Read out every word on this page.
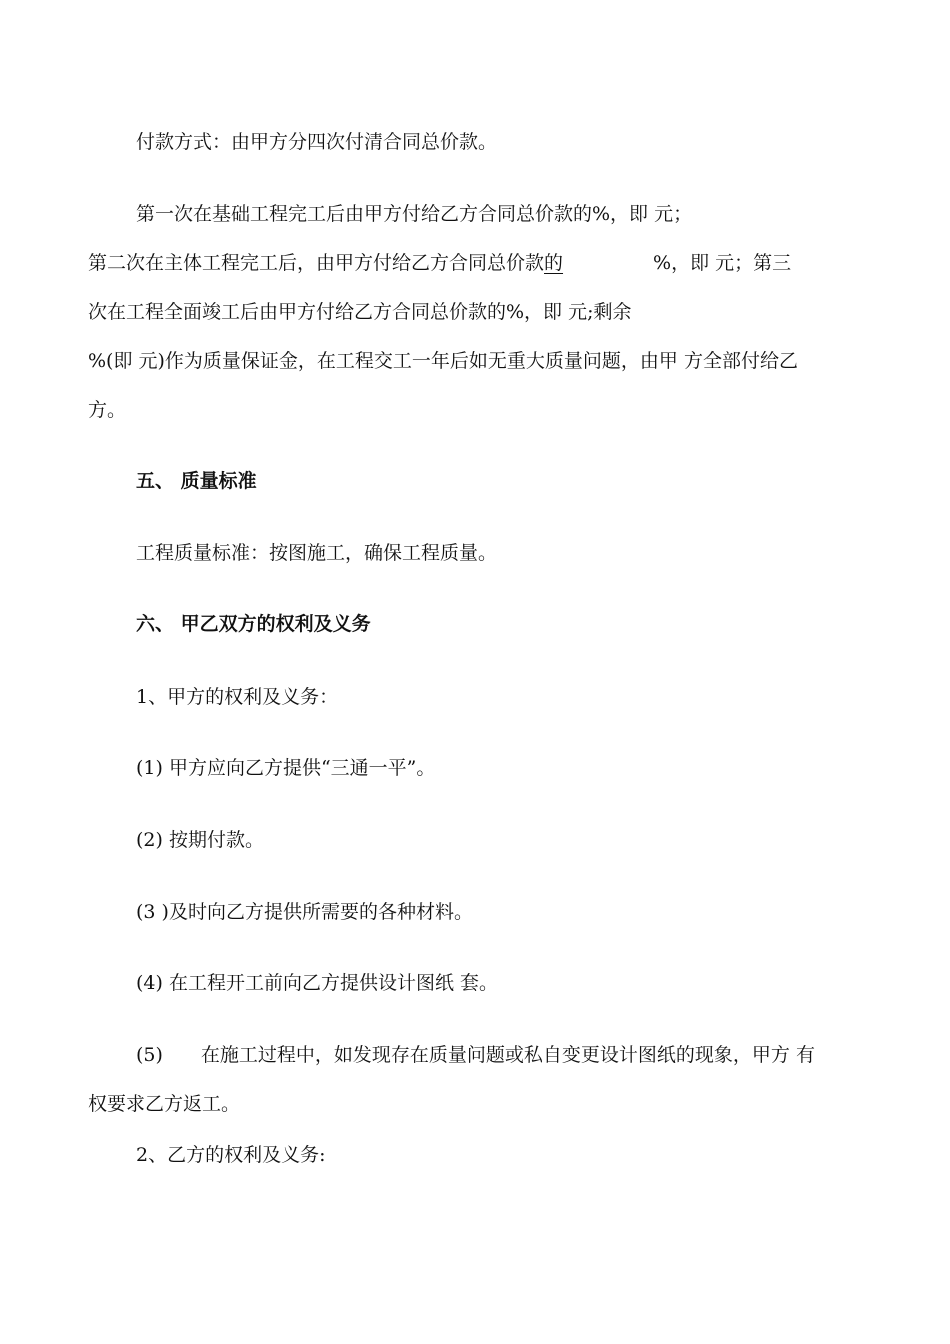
付款方式：由甲方分四次付清合同总价款。
第一次在基础工程完工后由甲方付给乙方合同总价款的%，即 元；
第二次在主体工程完工后，由甲方付给乙方合同总价款的	%，即 元；第三
次在工程全面竣工后由甲方付给乙方合同总价款的%，即 元;剩余
%(即 元)作为质量保证金，在工程交工一年后如无重大质量问题，由甲 方全部付给乙
方。
五、 质量标准
工程质量标准：按图施工，确保工程质量。
六、 甲乙双方的权利及义务
1、甲方的权利及义务：
(1) 甲方应向乙方提供“三通一平”。
(2) 按期付款。
(3 )及时向乙方提供所需要的各种材料。
(4) 在工程开工前向乙方提供设计图纸 套。
(5) 在施工过程中，如发现存在质量问题或私自变更设计图纸的现象，甲方 有
权要求乙方返工。
2、乙方的权利及义务:
